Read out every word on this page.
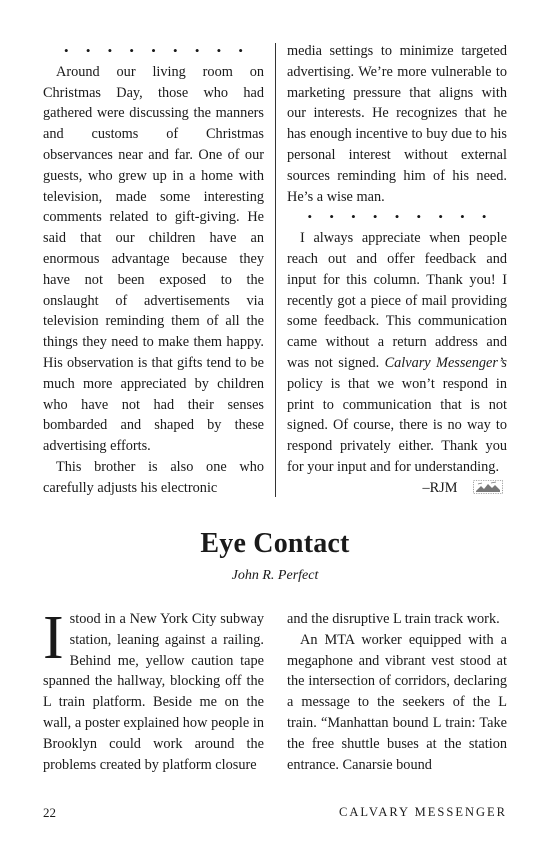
• • • • • • • • •

Around our living room on Christmas Day, those who had gathered were discussing the manners and customs of Christmas observances near and far. One of our guests, who grew up in a home with television, made some interesting comments related to gift-giving. He said that our children have an enormous advantage because they have not been exposed to the onslaught of advertisements via television reminding them of all the things they need to make them happy. His observation is that gifts tend to be much more appreciated by children who have not had their senses bombarded and shaped by these advertising efforts.

This brother is also one who carefully adjusts his electronic

media settings to minimize targeted advertising. We’re more vulnerable to marketing pressure that aligns with our interests. He recognizes that he has enough incentive to buy due to his personal interest without external sources reminding him of his need. He’s a wise man.

• • • • • • • • •

I always appreciate when people reach out and offer feedback and input for this column. Thank you! I recently got a piece of mail providing some feedback. This communication came without a return address and was not signed. Calvary Messenger’s policy is that we won’t respond in print to communication that is not signed. Of course, there is no way to respond privately either. Thank you for your input and for understanding.

–RJM
Eye Contact
John R. Perfect

Istood in a New York City subway station, leaning against a railing. Behind me, yellow caution tape spanned the hallway, blocking off the L train platform. Beside me on the wall, a poster explained how people in Brooklyn could work around the problems created by platform closure

and the disruptive L train track work.

An MTA worker equipped with a megaphone and vibrant vest stood at the intersection of corridors, declaring a message to the seekers of the L train. “Manhattan bound L train: Take the free shuttle buses at the station entrance. Canarsie bound

22	CALVARY MESSENGER
